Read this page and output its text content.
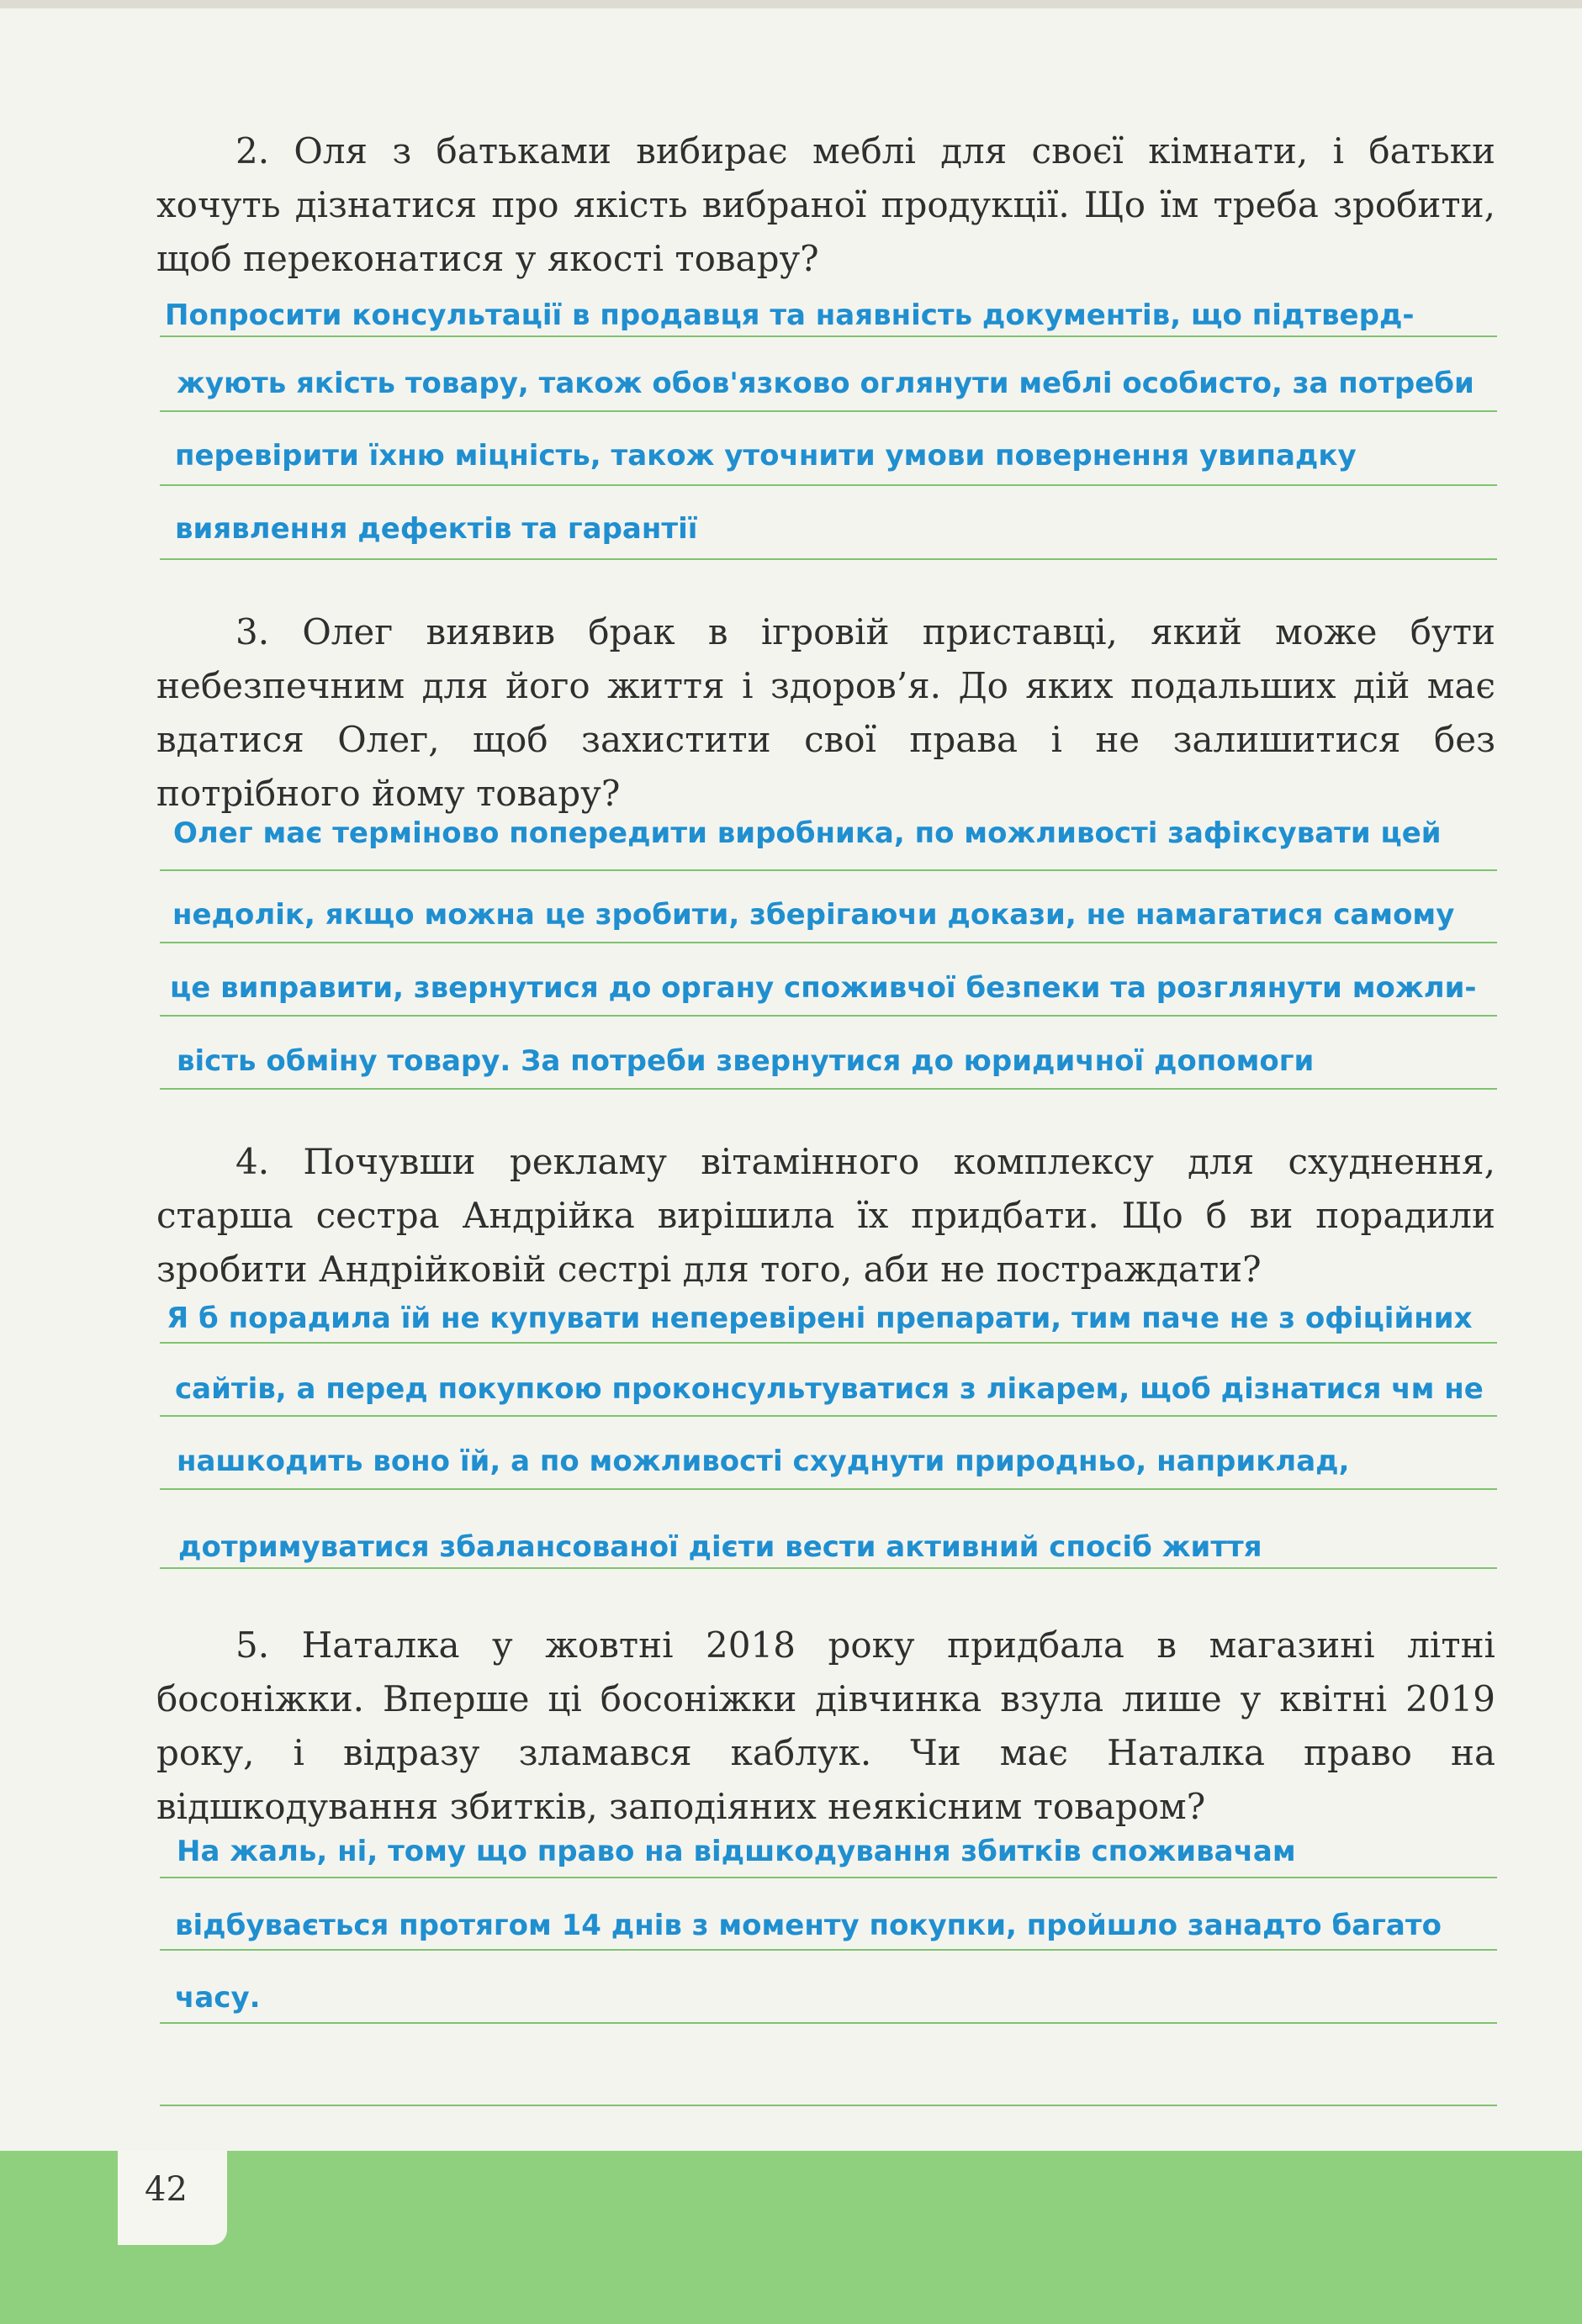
2. Оля з батьками вибирає меблі для своєї кімнати, і батьки хочуть дізнатися про якість вибраної продукції. Що їм треба зробити, щоб переконатися у якості товару?

Попросити консультації в продавця та наявність документів, що підтверд-

жують якість товару, також обов'язково оглянути меблі особисто, за потреби

перевірити їхню міцність, також уточнити умови повернення увипадку

виявлення дефектів та гарантії

3. Олег виявив брак в ігровій приставці, який може бути небезпечним для його життя і здоров’я. До яких подальших дій має вдатися Олег, щоб захистити свої права і не залишитися без потрібного йому товару?

Олег має терміново попередити виробника, по можливості зафіксувати цей

недолік, якщо можна це зробити, зберігаючи докази, не намагатися самому

це виправити, звернутися до органу споживчої безпеки та розглянути можли-

вість обміну товару. За потреби звернутися до юридичної допомоги

4. Почувши рекламу вітамінного комплексу для схуднення, старша сестра Андрійка вирішила їх придбати. Що б ви порадили зробити Андрійковій сестрі для того, аби не постраждати?

Я б порадила їй не купувати неперевірені препарати, тим паче не з офіційних

сайтів, а перед покупкою проконсультуватися з лікарем, щоб дізнатися чм не

нашкодить воно їй, а по можливості схуднути природньо, наприклад,

дотримуватися збалансованої дієти вести активний спосіб життя

5. Наталка у жовтні 2018 року придбала в магазині літні босоніжки. Вперше ці босоніжки дівчинка взула лише у квітні 2019 року, і відразу зламався каблук. Чи має Наталка право на відшкодування збитків, заподіяних неякісним товаром?

На жаль, ні, тому що право на відшкодування збитків споживачам

відбувається протягом 14 днів з моменту покупки, пройшло занадто багато

часу.

42
